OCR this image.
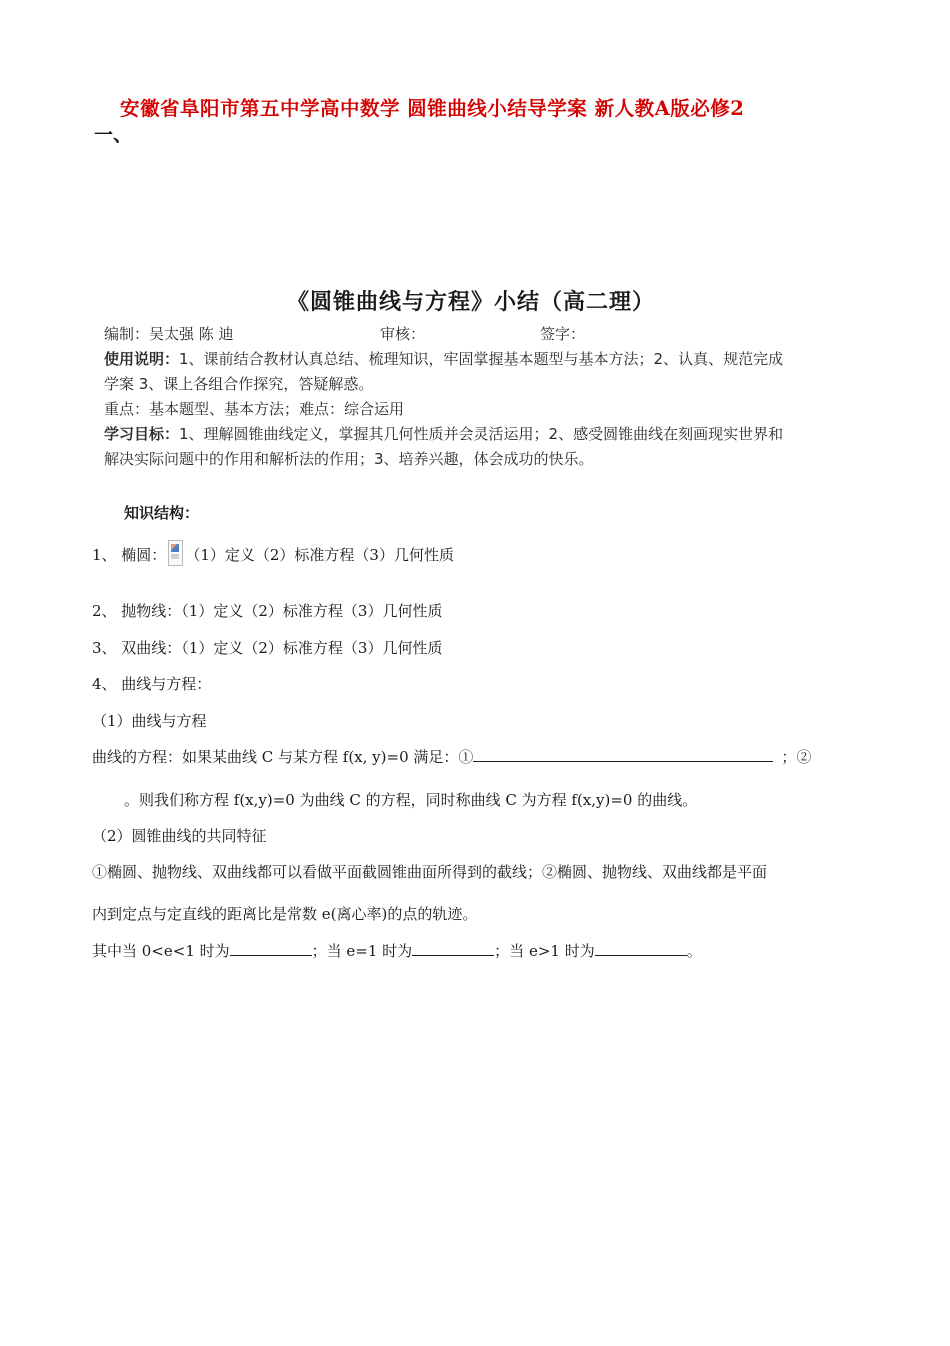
安徽省阜阳市第五中学高中数学 圆锥曲线小结导学案 新人教A版必修2
一、
《圆锥曲线与方程》小结（高二理）
编制：吴太强 陈 迪	审核：	签字：
使用说明：1、课前结合教材认真总结、梳理知识，牢固掌握基本题型与基本方法；2、认真、规范完成
学案 3、课上各组合作探究，答疑解惑。
重点：基本题型、基本方法；难点：综合运用
学习目标：1、理解圆锥曲线定义，掌握其几何性质并会灵活运用；2、感受圆锥曲线在刻画现实世界和
解决实际问题中的作用和解析法的作用；3、培养兴趣，体会成功的快乐。
知识结构：
1、 椭圆： （1）定义（2）标准方程（3）几何性质
2、 抛物线：（1）定义（2）标准方程（3）几何性质
3、 双曲线：（1）定义（2）标准方程（3）几何性质
4、 曲线与方程：
（1）曲线与方程
曲线的方程：如果某曲线 C 与某方程 f(x, y)=0 满足：①	；②
。则我们称方程 f(x,y)=0 为曲线 C 的方程，同时称曲线 C 为方程 f(x,y)=0 的曲线。
（2）圆锥曲线的共同特征
①椭圆、抛物线、双曲线都可以看做平面截圆锥曲面所得到的截线；②椭圆、抛物线、双曲线都是平面
内到定点与定直线的距离比是常数 e(离心率)的点的轨迹。
其中当 0<e<1 时为	；当 e=1 时为	；当 e>1 时为	。
